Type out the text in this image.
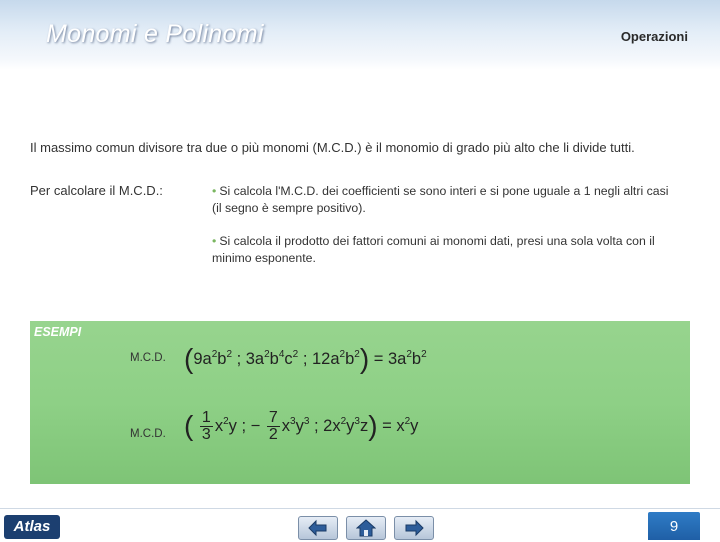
Monomi e Polinomi	Operazioni
Il massimo comun divisore tra due o più monomi (M.C.D.) è il monomio di grado più alto che li divide tutti.
Per calcolare il M.C.D.:	• Si calcola l'M.C.D. dei coefficienti se sono interi e si pone uguale a 1 negli altri casi (il segno è sempre positivo).
• Si calcola il prodotto dei fattori comuni ai monomi dati, presi una sola volta con il minimo esponente.
ESEMPI
M.C.D. ($9a^2b^2$ ; $3a^2b^4c^2$ ; $12a^2b^2) = 3a^2b^2$
M.C.D. ( $\frac{1}{3} x^2y$ ; − $\frac{7}{2} x^3y^3$ ; $2x^2y^3z) = x^2y$
Atlas	9
